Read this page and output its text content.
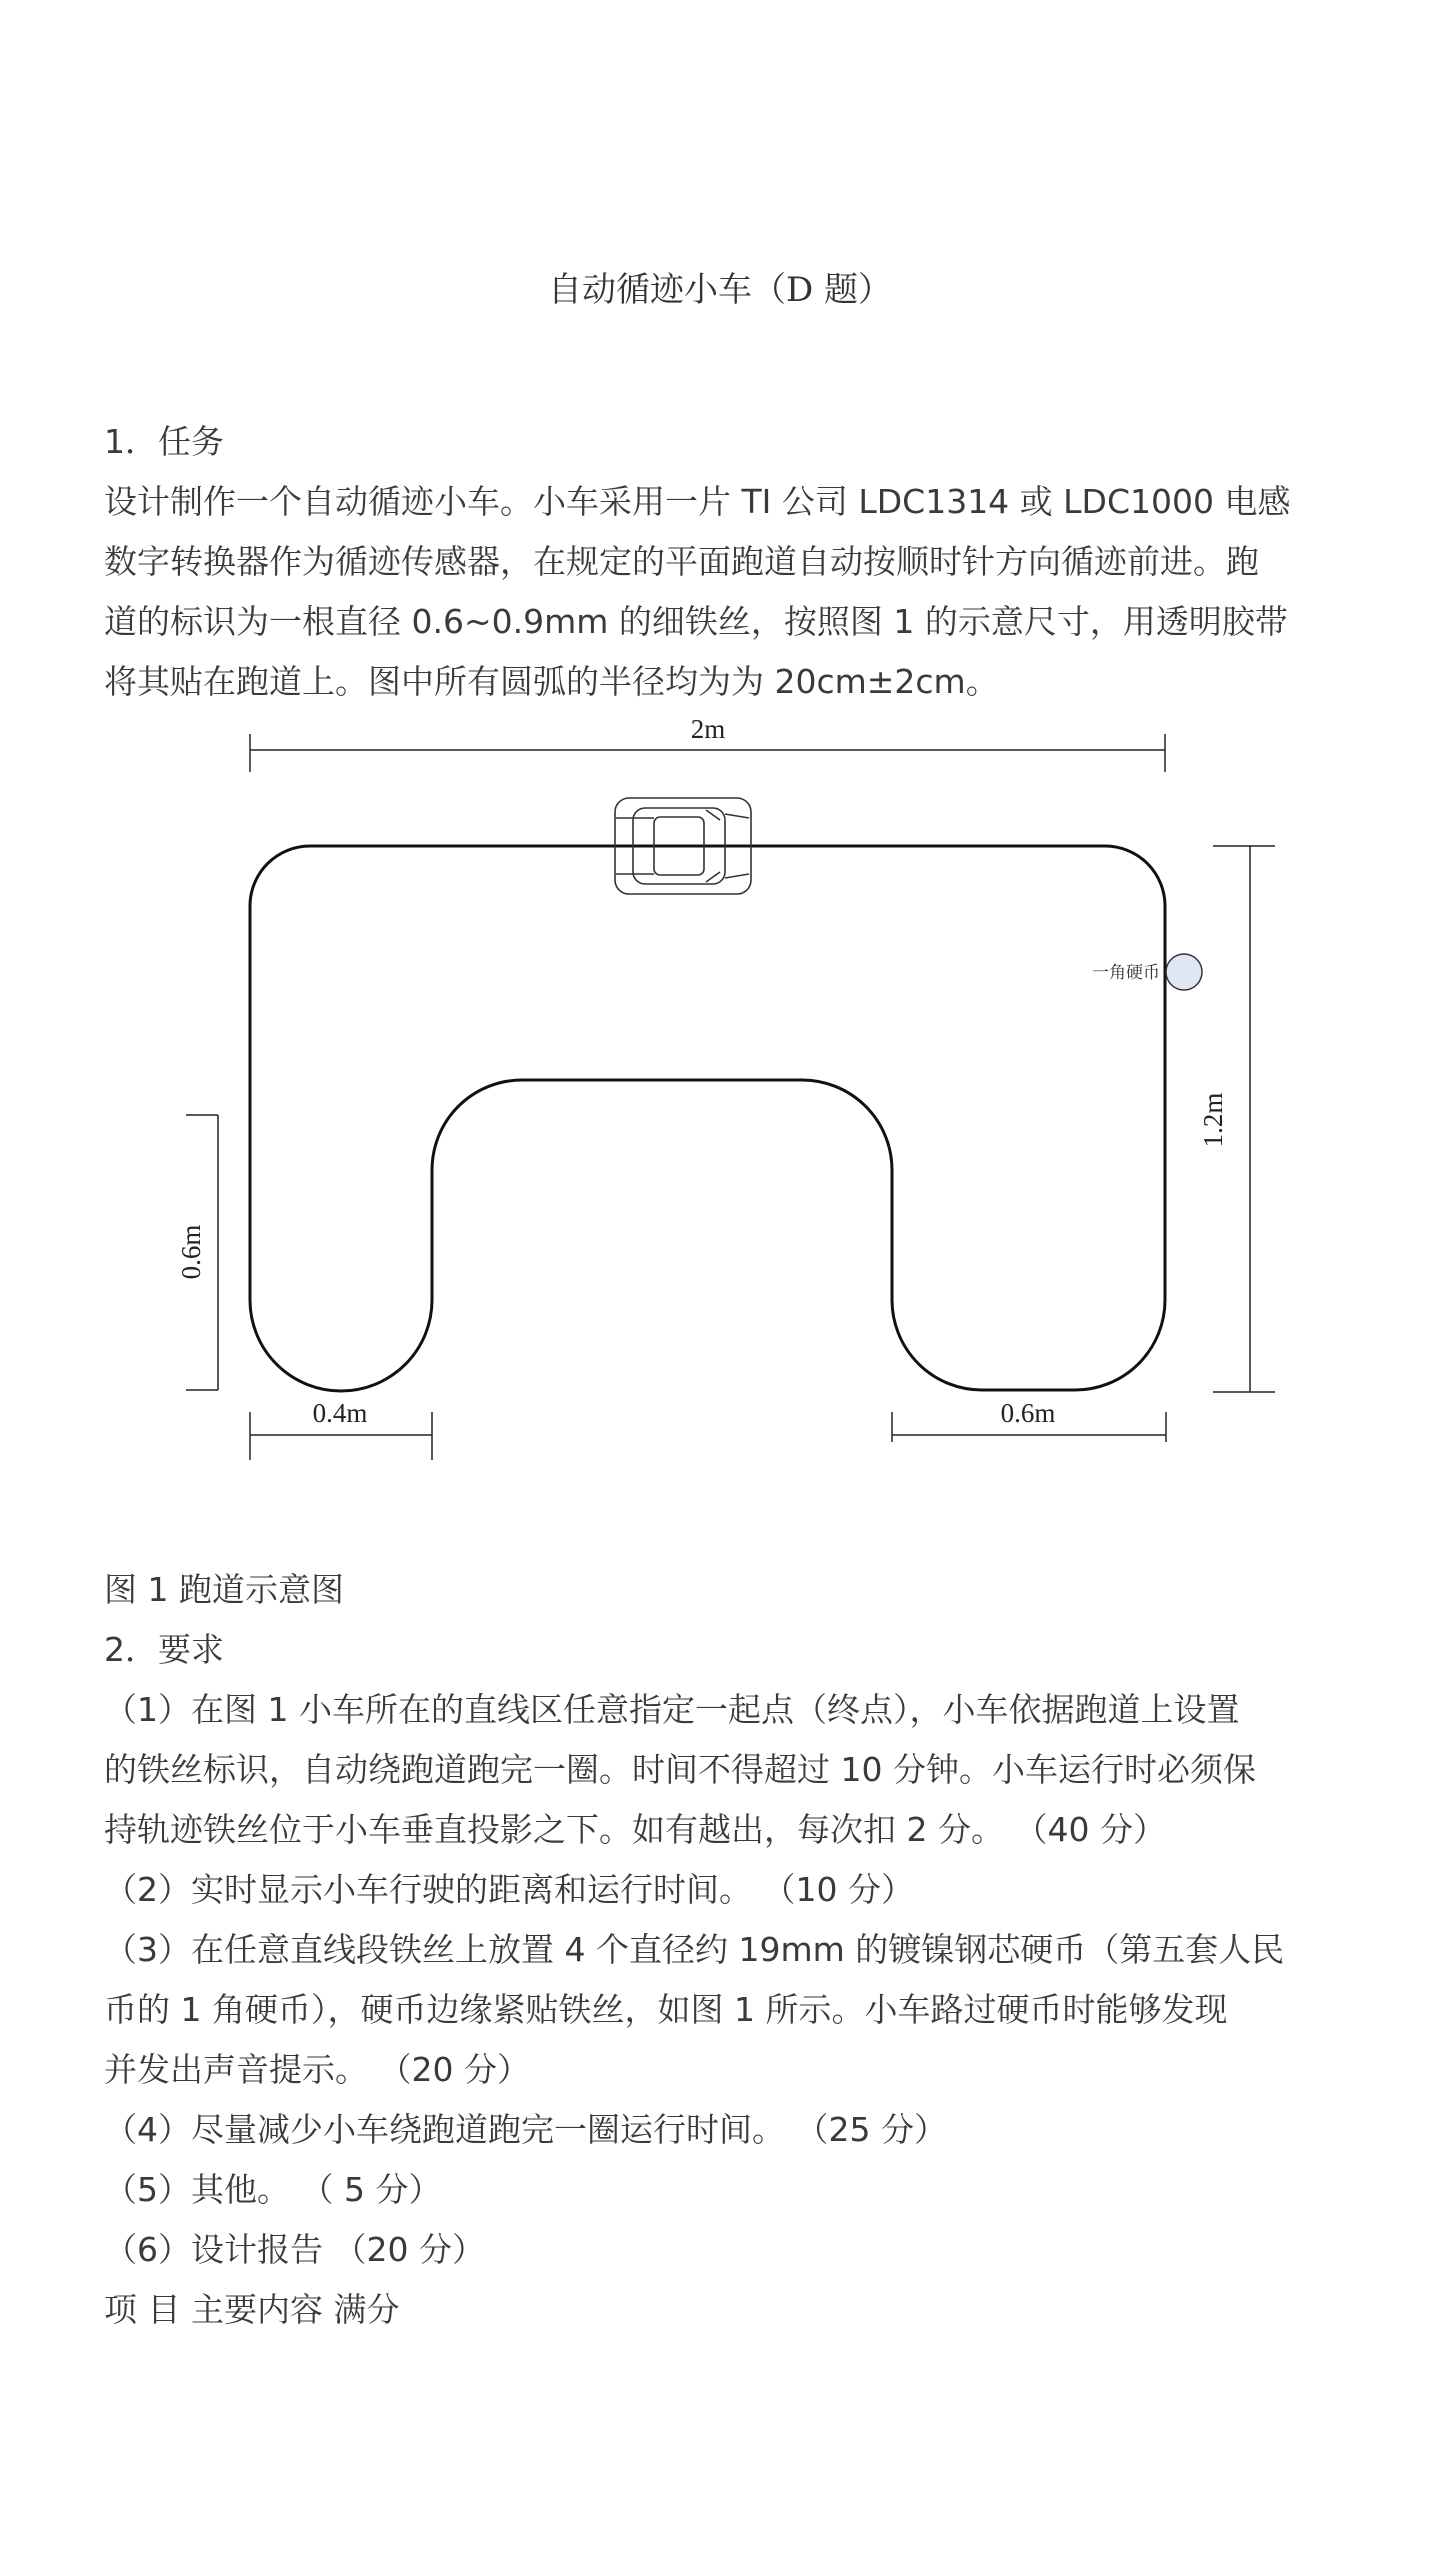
自动循迹小车（D 题）
1．任务
设计制作一个自动循迹小车。小车采用一片 TI 公司 LDC1314 或 LDC1000 电感
数字转换器作为循迹传感器，在规定的平面跑道自动按顺时针方向循迹前进。跑
道的标识为一根直径 0.6~0.9mm 的细铁丝，按照图 1 的示意尺寸，用透明胶带
将其贴在跑道上。图中所有圆弧的半径均为为 20cm±2cm。
2m
1.2m
0.6m
0.4m	0.6m
一角硬币
图 1 跑道示意图
2．要求
（1）在图 1 小车所在的直线区任意指定一起点（终点），小车依据跑道上设置
的铁丝标识，自动绕跑道跑完一圈。时间不得超过 10 分钟。小车运行时必须保
持轨迹铁丝位于小车垂直投影之下。如有越出，每次扣 2 分。 （40 分）
（2）实时显示小车行驶的距离和运行时间。 （10 分）
（3）在任意直线段铁丝上放置 4 个直径约 19mm 的镀镍钢芯硬币（第五套人民
币的 1 角硬币），硬币边缘紧贴铁丝，如图 1 所示。小车路过硬币时能够发现
并发出声音提示。 （20 分）
（4）尽量减少小车绕跑道跑完一圈运行时间。 （25 分）
（5）其他。 （ 5 分）
（6）设计报告 （20 分）
项 目 主要内容 满分
